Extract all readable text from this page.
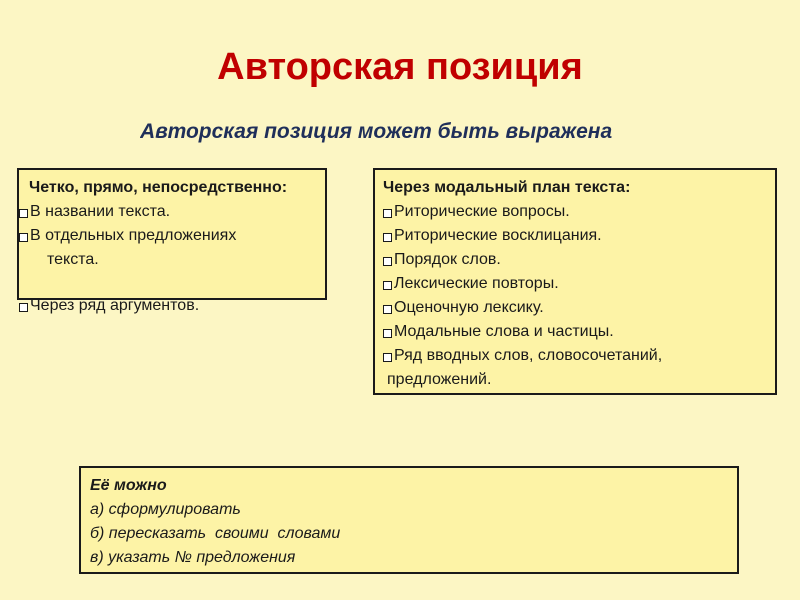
Авторская позиция
Авторская позиция может быть выражена
Четко, прямо, непосредственно:
В названии текста.
В отдельных предложениях
текста.
Через ряд аргументов.
Через модальный план текста:
Риторические вопросы.
Риторические восклицания.
Порядок слов.
Лексические повторы.
Оценочную лексику.
Модальные слова и частицы.
Ряд вводных слов, словосочетаний,
предложений.
Её можно
а) сформулировать
б) пересказать  своими  словами
в) указать № предложения
